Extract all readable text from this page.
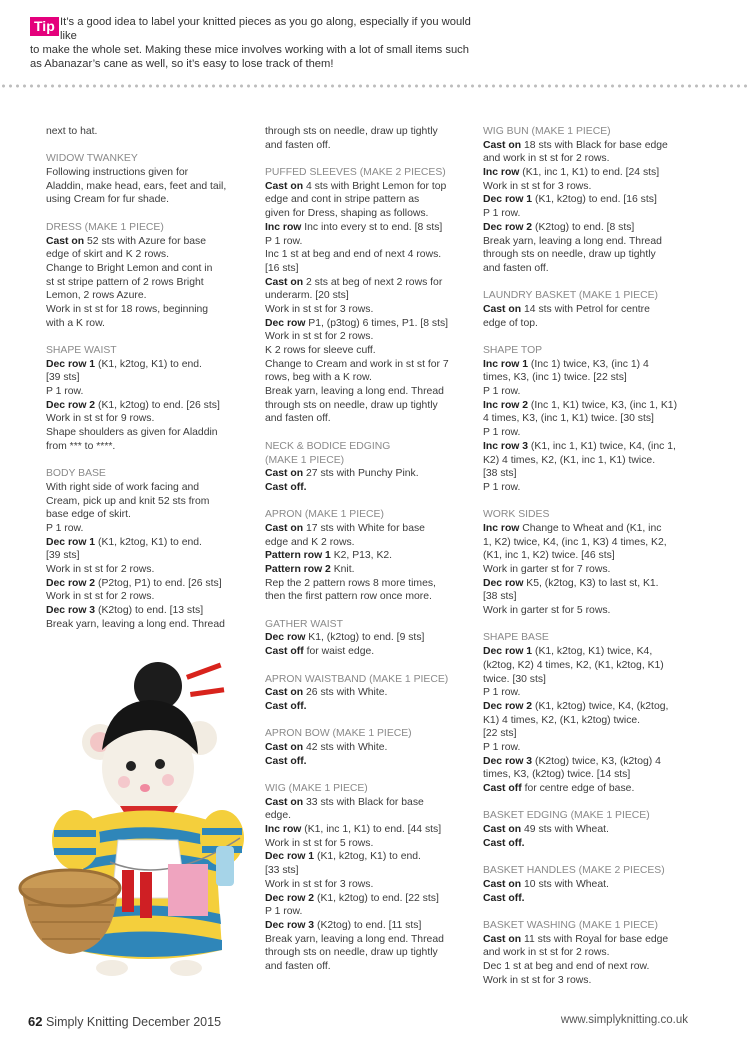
Tip It’s a good idea to label your knitted pieces as you go along, especially if you would like
to make the whole set. Making these mice involves working with a lot of small items such as Abanazar’s cane as well, so it’s easy to lose track of them!
next to hat.
WIDOW TWANKEY
Following instructions given for
Aladdin, make head, ears, feet and tail,
using Cream for fur shade.
DRESS (MAKE 1 PIECE)
Cast on 52 sts with Azure for base
edge of skirt and K 2 rows.
Change to Bright Lemon and cont in
st st stripe pattern of 2 rows Bright
Lemon, 2 rows Azure.
Work in st st for 18 rows, beginning
with a K row.
SHAPE WAIST
Dec row 1 (K1, k2tog, K1) to end.
[39 sts]
P 1 row.
Dec row 2 (K1, k2tog) to end. [26 sts]
Work in st st for 9 rows.
Shape shoulders as given for Aladdin
from *** to ****.
BODY BASE
With right side of work facing and
Cream, pick up and knit 52 sts from
base edge of skirt.
P 1 row.
Dec row 1 (K1, k2tog, K1) to end.
[39 sts]
Work in st st for 2 rows.
Dec row 2 (P2tog, P1) to end. [26 sts]
Work in st st for 2 rows.
Dec row 3 (K2tog) to end. [13 sts]
Break yarn, leaving a long end. Thread
through sts on needle, draw up tightly
and fasten off.
PUFFED SLEEVES (MAKE 2 PIECES)
Cast on 4 sts with Bright Lemon for top
edge and cont in stripe pattern as
given for Dress, shaping as follows.
Inc row Inc into every st to end. [8 sts]
P 1 row.
Inc 1 st at beg and end of next 4 rows.
[16 sts]
Cast on 2 sts at beg of next 2 rows for
underarm. [20 sts]
Work in st st for 3 rows.
Dec row P1, (p3tog) 6 times, P1. [8 sts]
Work in st st for 2 rows.
K 2 rows for sleeve cuff.
Change to Cream and work in st st for 7
rows, beg with a K row.
Break yarn, leaving a long end. Thread
through sts on needle, draw up tightly
and fasten off.
NECK & BODICE EDGING
(MAKE 1 PIECE)
Cast on 27 sts with Punchy Pink.
Cast off.
APRON (MAKE 1 PIECE)
Cast on 17 sts with White for base
edge and K 2 rows.
Pattern row 1 K2, P13, K2.
Pattern row 2 Knit.
Rep the 2 pattern rows 8 more times,
then the first pattern row once more.
GATHER WAIST
Dec row K1, (k2tog) to end. [9 sts]
Cast off for waist edge.
APRON WAISTBAND (MAKE 1 PIECE)
Cast on 26 sts with White.
Cast off.
APRON BOW (MAKE 1 PIECE)
Cast on 42 sts with White.
Cast off.
WIG (MAKE 1 PIECE)
Cast on 33 sts with Black for base
edge.
Inc row (K1, inc 1, K1) to end. [44 sts]
Work in st st for 5 rows.
Dec row 1 (K1, k2tog, K1) to end.
[33 sts]
Work in st st for 3 rows.
Dec row 2 (K1, k2tog) to end. [22 sts]
P 1 row.
Dec row 3 (K2tog) to end. [11 sts]
Break yarn, leaving a long end. Thread
through sts on needle, draw up tightly
and fasten off.
WIG BUN (MAKE 1 PIECE)
Cast on 18 sts with Black for base edge
and work in st st for 2 rows.
Inc row (K1, inc 1, K1) to end. [24 sts]
Work in st st for 3 rows.
Dec row 1 (K1, k2tog) to end. [16 sts]
P 1 row.
Dec row 2 (K2tog) to end. [8 sts]
Break yarn, leaving a long end. Thread
through sts on needle, draw up tightly
and fasten off.
LAUNDRY BASKET (MAKE 1 PIECE)
Cast on 14 sts with Petrol for centre
edge of top.
SHAPE TOP
Inc row 1 (Inc 1) twice, K3, (inc 1) 4
times, K3, (inc 1) twice. [22 sts]
P 1 row.
Inc row 2 (Inc 1, K1) twice, K3, (inc 1, K1)
4 times, K3, (inc 1, K1) twice. [30 sts]
P 1 row.
Inc row 3 (K1, inc 1, K1) twice, K4, (inc 1,
K2) 4 times, K2, (K1, inc 1, K1) twice.
[38 sts]
P 1 row.
WORK SIDES
Inc row Change to Wheat and (K1, inc
1, K2) twice, K4, (inc 1, K3) 4 times, K2,
(K1, inc 1, K2) twice. [46 sts]
Work in garter st for 7 rows.
Dec row K5, (k2tog, K3) to last st, K1.
[38 sts]
Work in garter st for 5 rows.
SHAPE BASE
Dec row 1 (K1, k2tog, K1) twice, K4,
(k2tog, K2) 4 times, K2, (K1, k2tog, K1)
twice. [30 sts]
P 1 row.
Dec row 2 (K1, k2tog) twice, K4, (k2tog,
K1) 4 times, K2, (K1, k2tog) twice.
[22 sts]
P 1 row.
Dec row 3 (K2tog) twice, K3, (k2tog) 4
times, K3, (k2tog) twice. [14 sts]
Cast off for centre edge of base.
BASKET EDGING (MAKE 1 PIECE)
Cast on 49 sts with Wheat.
Cast off.
BASKET HANDLES (MAKE 2 PIECES)
Cast on 10 sts with Wheat.
Cast off.
BASKET WASHING (MAKE 1 PIECE)
Cast on 11 sts with Royal for base edge
and work in st st for 2 rows.
Dec 1 st at beg and end of next row.
Work in st st for 3 rows.
62 Simply Knitting December 2015	www.simplyknitting.co.uk
